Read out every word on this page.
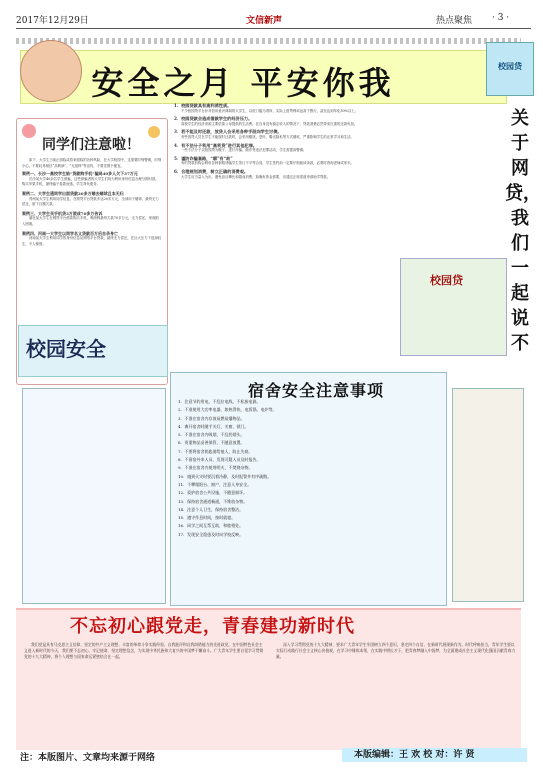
2017年12月29日	文信新声	热点聚焦 · 3 ·
安全之月 平安你我	校园贷
同学们注意啦！

如下，大学生当前正面临或将来面临的各种风险，在大学校园中，这需要时刻警惕，时刻小心。不要轻易相信“高利润”、“无抵押”等宣传，不要贪图小便宜。

案例一、长沙一高校学生陷“贷款购手机”骗局40多人欠下37万元

长沙某大学40余名学生被骗，这些被骗者的大学生们均为利用身份信息办理分期付款，购买苹果手机，最终骗子卷款而逃，学生背负债务。

案例二、大学生通同学出面贷款20多万赌去赌球且本无归

郑州某大学生利用同学信息，在网贷平台贷款多达20多万元，全部用于赌球，最终无力偿还，留下巨额欠款。

案例三、大学生买手机贷3万滚成70多万告诉

湖北某大学生在网贷平台借款购买手机，利滚利最终欠款70多万元，无力偿还，家庭陷入困境。

案例四、河南一大学生以同学名义贷款百万后自杀身亡

河南某大学生利用同学的身份信息从网络平台贷款，最终无力偿还，在巨大压力下选择轻生，令人惋惜。

校园安全
1．校园贷款具有高利诱性质。

不少校园贷平台针对信用意识薄弱的大学生，以低门槛为诱饵，实际上借贷利率远高于银行，甚至达到年化30%以上。

2．校园贷款会造成借款学生的经济压力。

高校学生的经济来源主要依靠父母提供的生活费，在自身没有稳定收入的情况下，贷款消费必然带来沉重的还款负担。

3．若不能及时还款，放贷人会采用各种手段向学生讨债。

有些放贷人员在学生不能按时还款时，会采用骚扰、恐吓、曝光隐私等方式催收，严重影响学生的正常学习和生活。

4．有不法分子利用“高利贷”进行其他犯罪。

一些不法分子以校园贷为幌子，进行诈骗、敲诈等违法犯罪活动，学生需提高警惕。

5．谨防诈骗套路，“聊”有“劫”

有的贷款机构会利用各种套路诱骗学生签订不平等合同，学生签约前一定要仔细阅读条款，必要时咨询老师或家长。

6．合理规划消费，树立正确的消费观。

大学生应当量入为出，避免盲目攀比和超前消费，如确有资金需要，应通过正规渠道申请助学贷款。

关于网贷，我们一起说不
校园贷
宿舍安全注意事项
1．注意节约用电，不乱拉电线，不私接电源。
2．不准使用大功率电器，如热得快、电饭锅、电炉等。
3．不准在宿舍内存放易燃易爆物品。
4．离开宿舍时随手关灯、关窗、锁门。
5．不准在宿舍内吸烟，不乱扔烟头。
6．贵重物品妥善保管，不随意放置。
7．不要将宿舍钥匙借给他人，防止失窃。
8．不留宿外来人员，发现可疑人员及时报告。
9．不准在宿舍内使用明火，不焚烧杂物。
10．遇到火灾时要沉着冷静，及时报警并有序疏散。
11．不攀爬阳台、窗户，注意人身安全。
12．爱护宿舍公共设施，不随意损坏。
13．保持宿舍通道畅通，不堆放杂物。
14．注意个人卫生，保持宿舍整洁。
15．遵守作息时间，按时就寝。
16．同学之间互帮互助，和睦相处。
17．发现安全隐患及时向学校反映。
不忘初心跟党走，青春建功新时代

我们党是具有马克思主义信仰、坚定的共产主义理想、丰富的革命斗争实践经验、自我批评和自我纠错能力的先进政党，在中国特色社会主义进入新时代的今天，我们要不忘初心、牢记使命，坚定理想信念，为实现中华民族伟大复兴的中国梦不懈奋斗。广大青年学生要自觉学习贯彻党的十九大精神，将个人理想与国家命运紧密结合在一起。

深入学习贯彻党的十九大精神，要求广大青年学生牢固树立四个意识，坚定四个自信，在新时代展现新作为。时代呼唤担当，青年学生要以实际行动践行社会主义核心价值观，在学习中锤炼本领，在实践中增长才干，把青春梦融入中国梦，为全面建成社会主义现代化强国贡献青春力量。

注：本版图片、文章均来源于网络	本版编辑：王 欢 校 对：许 贤
